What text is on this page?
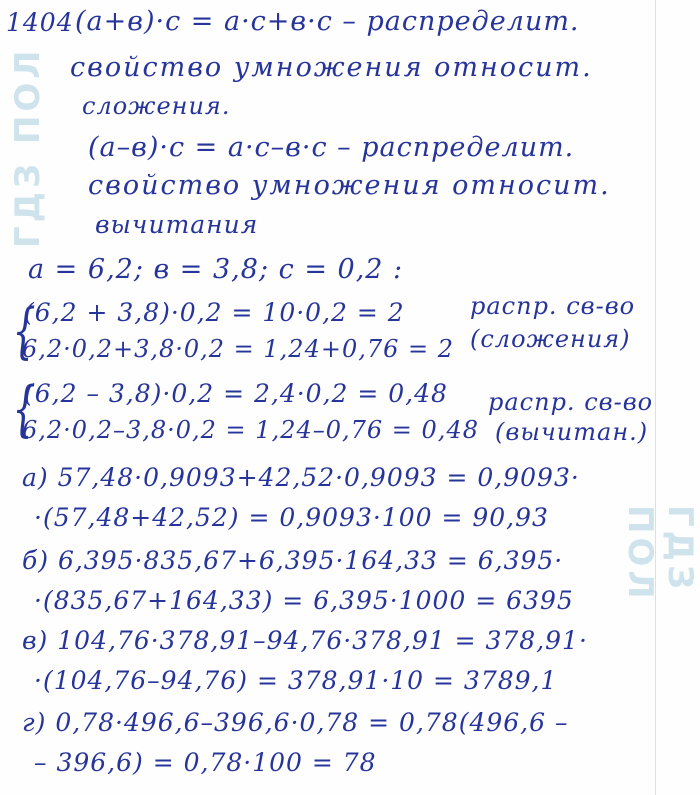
ГДЗ ПОЛ
ГДЗ ПОЛ
1404 (a+в)·c = a·c+в·c – распределит.
свойство умножения относит.
сложения.
(a–в)·c = a·c–в·c – распределит.
свойство умножения относит.
вычитания
a = 6,2; в = 3,8; c = 0,2 :
{
(6,2 + 3,8)·0,2 = 10·0,2 = 2
6,2·0,2+3,8·0,2 = 1,24+0,76 = 2
распр. св-во
(сложения)
{
(6,2 – 3,8)·0,2 = 2,4·0,2 = 0,48
6,2·0,2–3,8·0,2 = 1,24–0,76 = 0,48
распр. св-во
(вычитан.)
а) 57,48·0,9093+42,52·0,9093 = 0,9093·
·(57,48+42,52) = 0,9093·100 = 90,93
б) 6,395·835,67+6,395·164,33 = 6,395·
·(835,67+164,33) = 6,395·1000 = 6395
в) 104,76·378,91–94,76·378,91 = 378,91·
·(104,76–94,76) = 378,91·10 = 3789,1
г) 0,78·496,6–396,6·0,78 = 0,78(496,6 –
– 396,6) = 0,78·100 = 78
